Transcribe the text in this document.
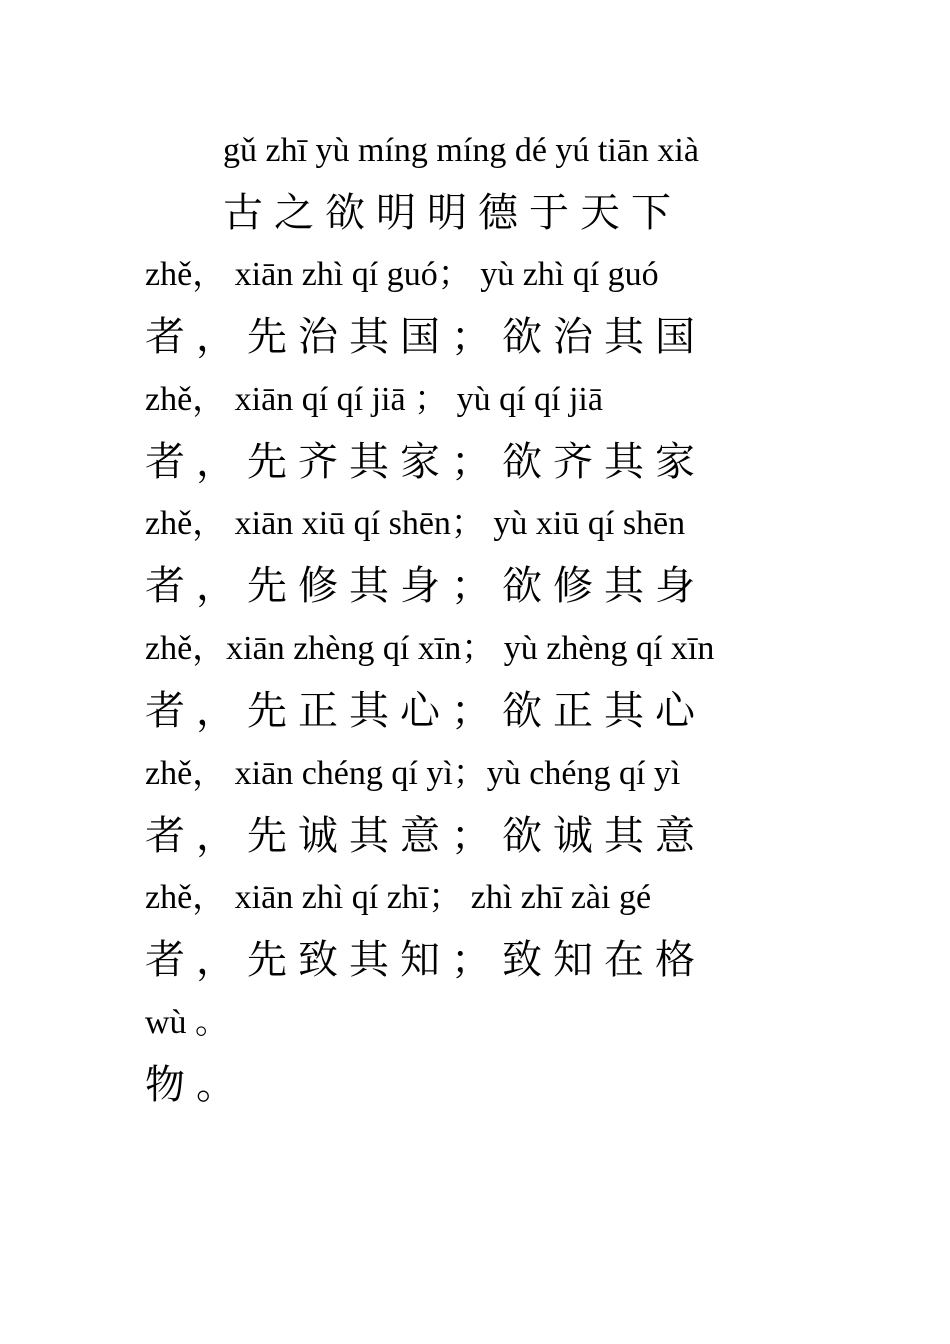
gǔ zhī yù míng míng dé yú tiān xià
古之欲明明德于天下
zhě， xiān zhì qí guó； yù zhì qí guó
者，先治其国；欲治其国
zhě， xiān qí qí jiā ； yù qí qí jiā
者，先齐其家；欲齐其家
zhě， xiān xiū qí shēn； yù xiū qí shēn
者，先修其身；欲修其身
zhě，xiān zhèng qí xīn； yù zhèng qí xīn
者，先正其心；欲正其心
zhě， xiān chéng qí yì；yù chéng qí yì
者，先诚其意；欲诚其意
zhě， xiān zhì qí zhī； zhì zhī zài gé
者，先致其知；致知在格
wù 。
物。
